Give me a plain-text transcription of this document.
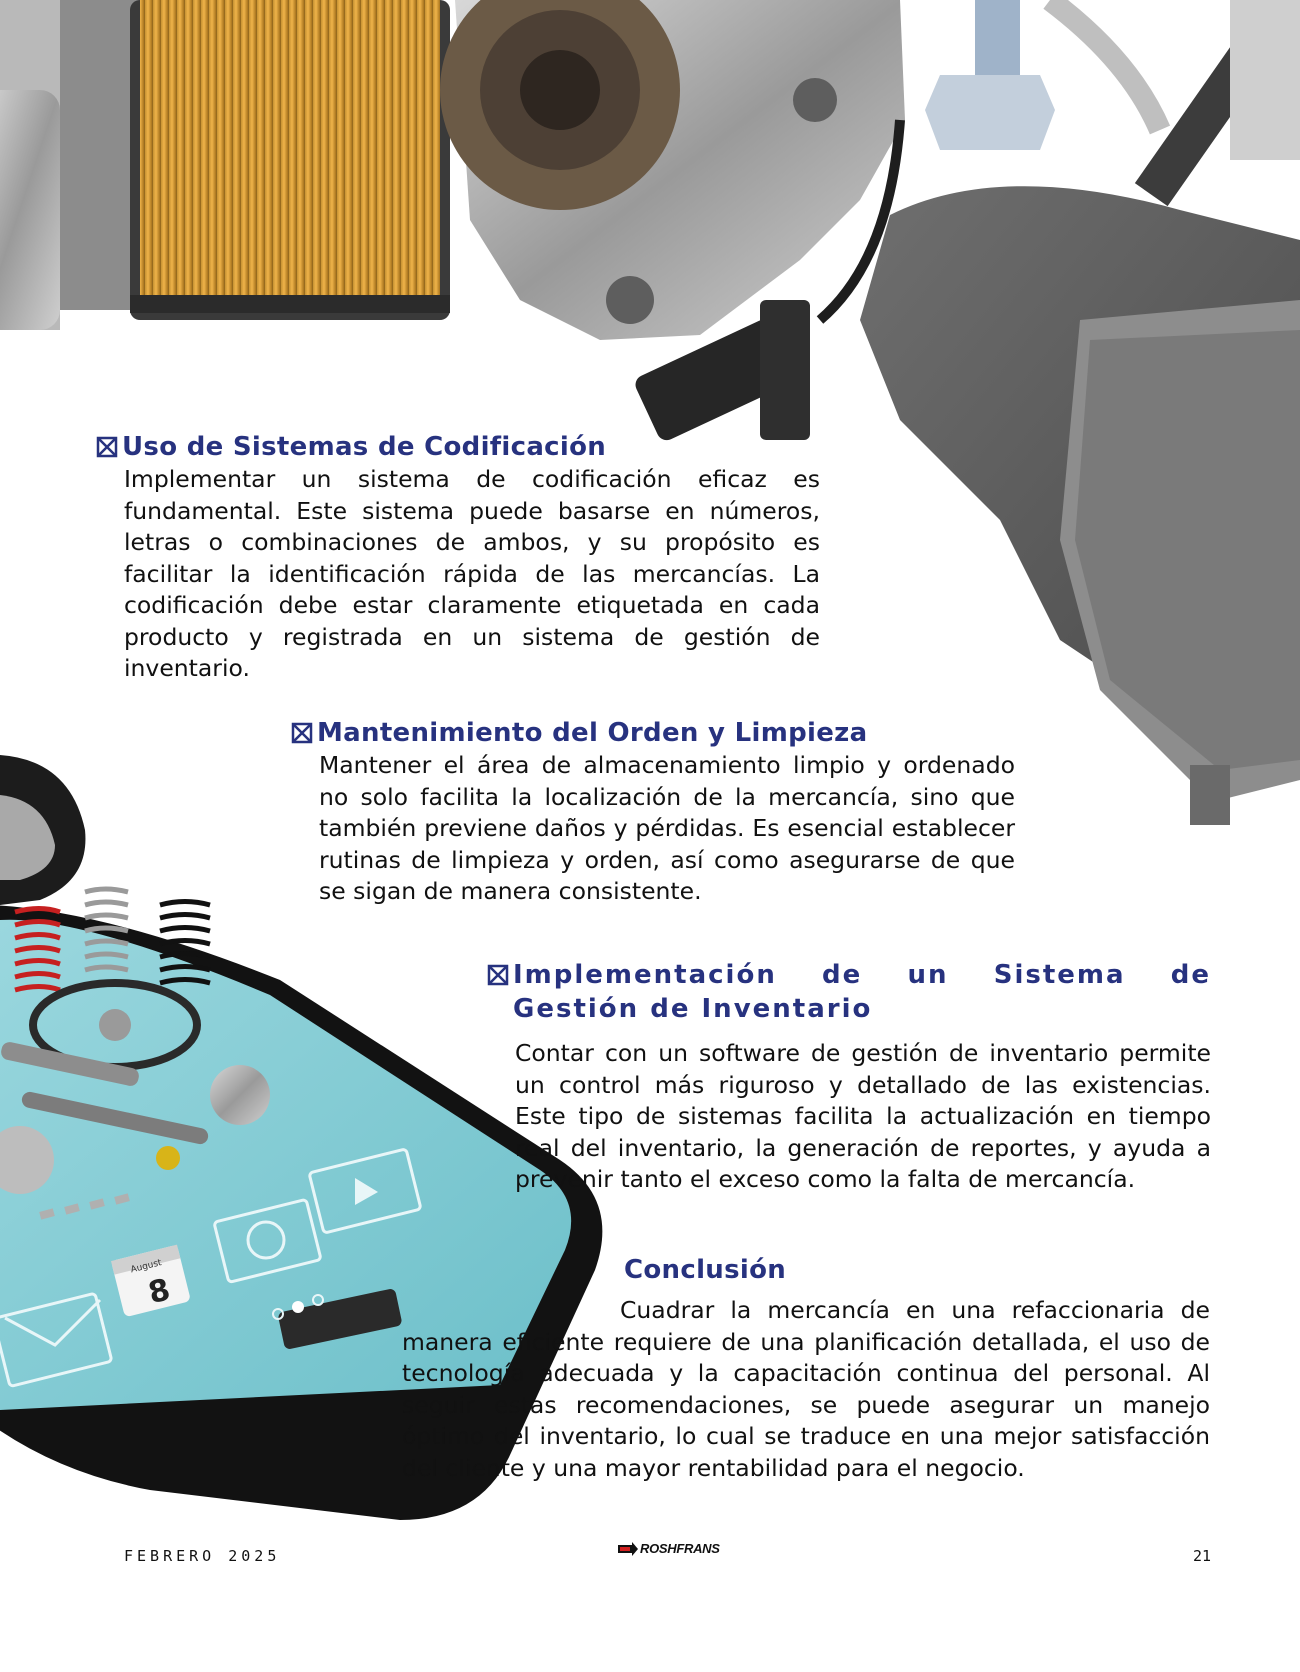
August
8
Uso de Sistemas de Codificación

Implementar un sistema de codificación eficaz es fundamental. Este sistema puede basarse en números, letras o combinaciones de ambos, y su propósito es facilitar la identificación rápida de las mercancías. La codificación debe estar claramente etiquetada en cada producto y registrada en un sistema de gestión de inventario.

Mantenimiento del Orden y Limpieza

Mantener el área de almacenamiento limpio y ordenado no solo facilita la localización de la mercancía, sino que también previene daños y pérdidas. Es esencial establecer rutinas de limpieza y orden, así como asegurarse de que se sigan de manera consistente.

Implementación de un Sistema de Gestión de Inventario

Contar con un software de gestión de inventario permite un control más riguroso y detallado de las existencias. Este tipo de sistemas facilita la actualización en tiempo real del inventario, la generación de reportes, y ayuda a prevenir tanto el exceso como la falta de mercancía.

Conclusión

Cuadrar la mercancía en una refaccionaria de manera eficiente requiere de una planificación detallada, el uso de tecnología adecuada y la capacitación continua del personal. Al seguir estas recomendaciones, se puede asegurar un manejo óptimo del inventario, lo cual se traduce en una mejor satisfacción del cliente y una mayor rentabilidad para el negocio.

FEBRERO 2025	ROSHFRANS	21
